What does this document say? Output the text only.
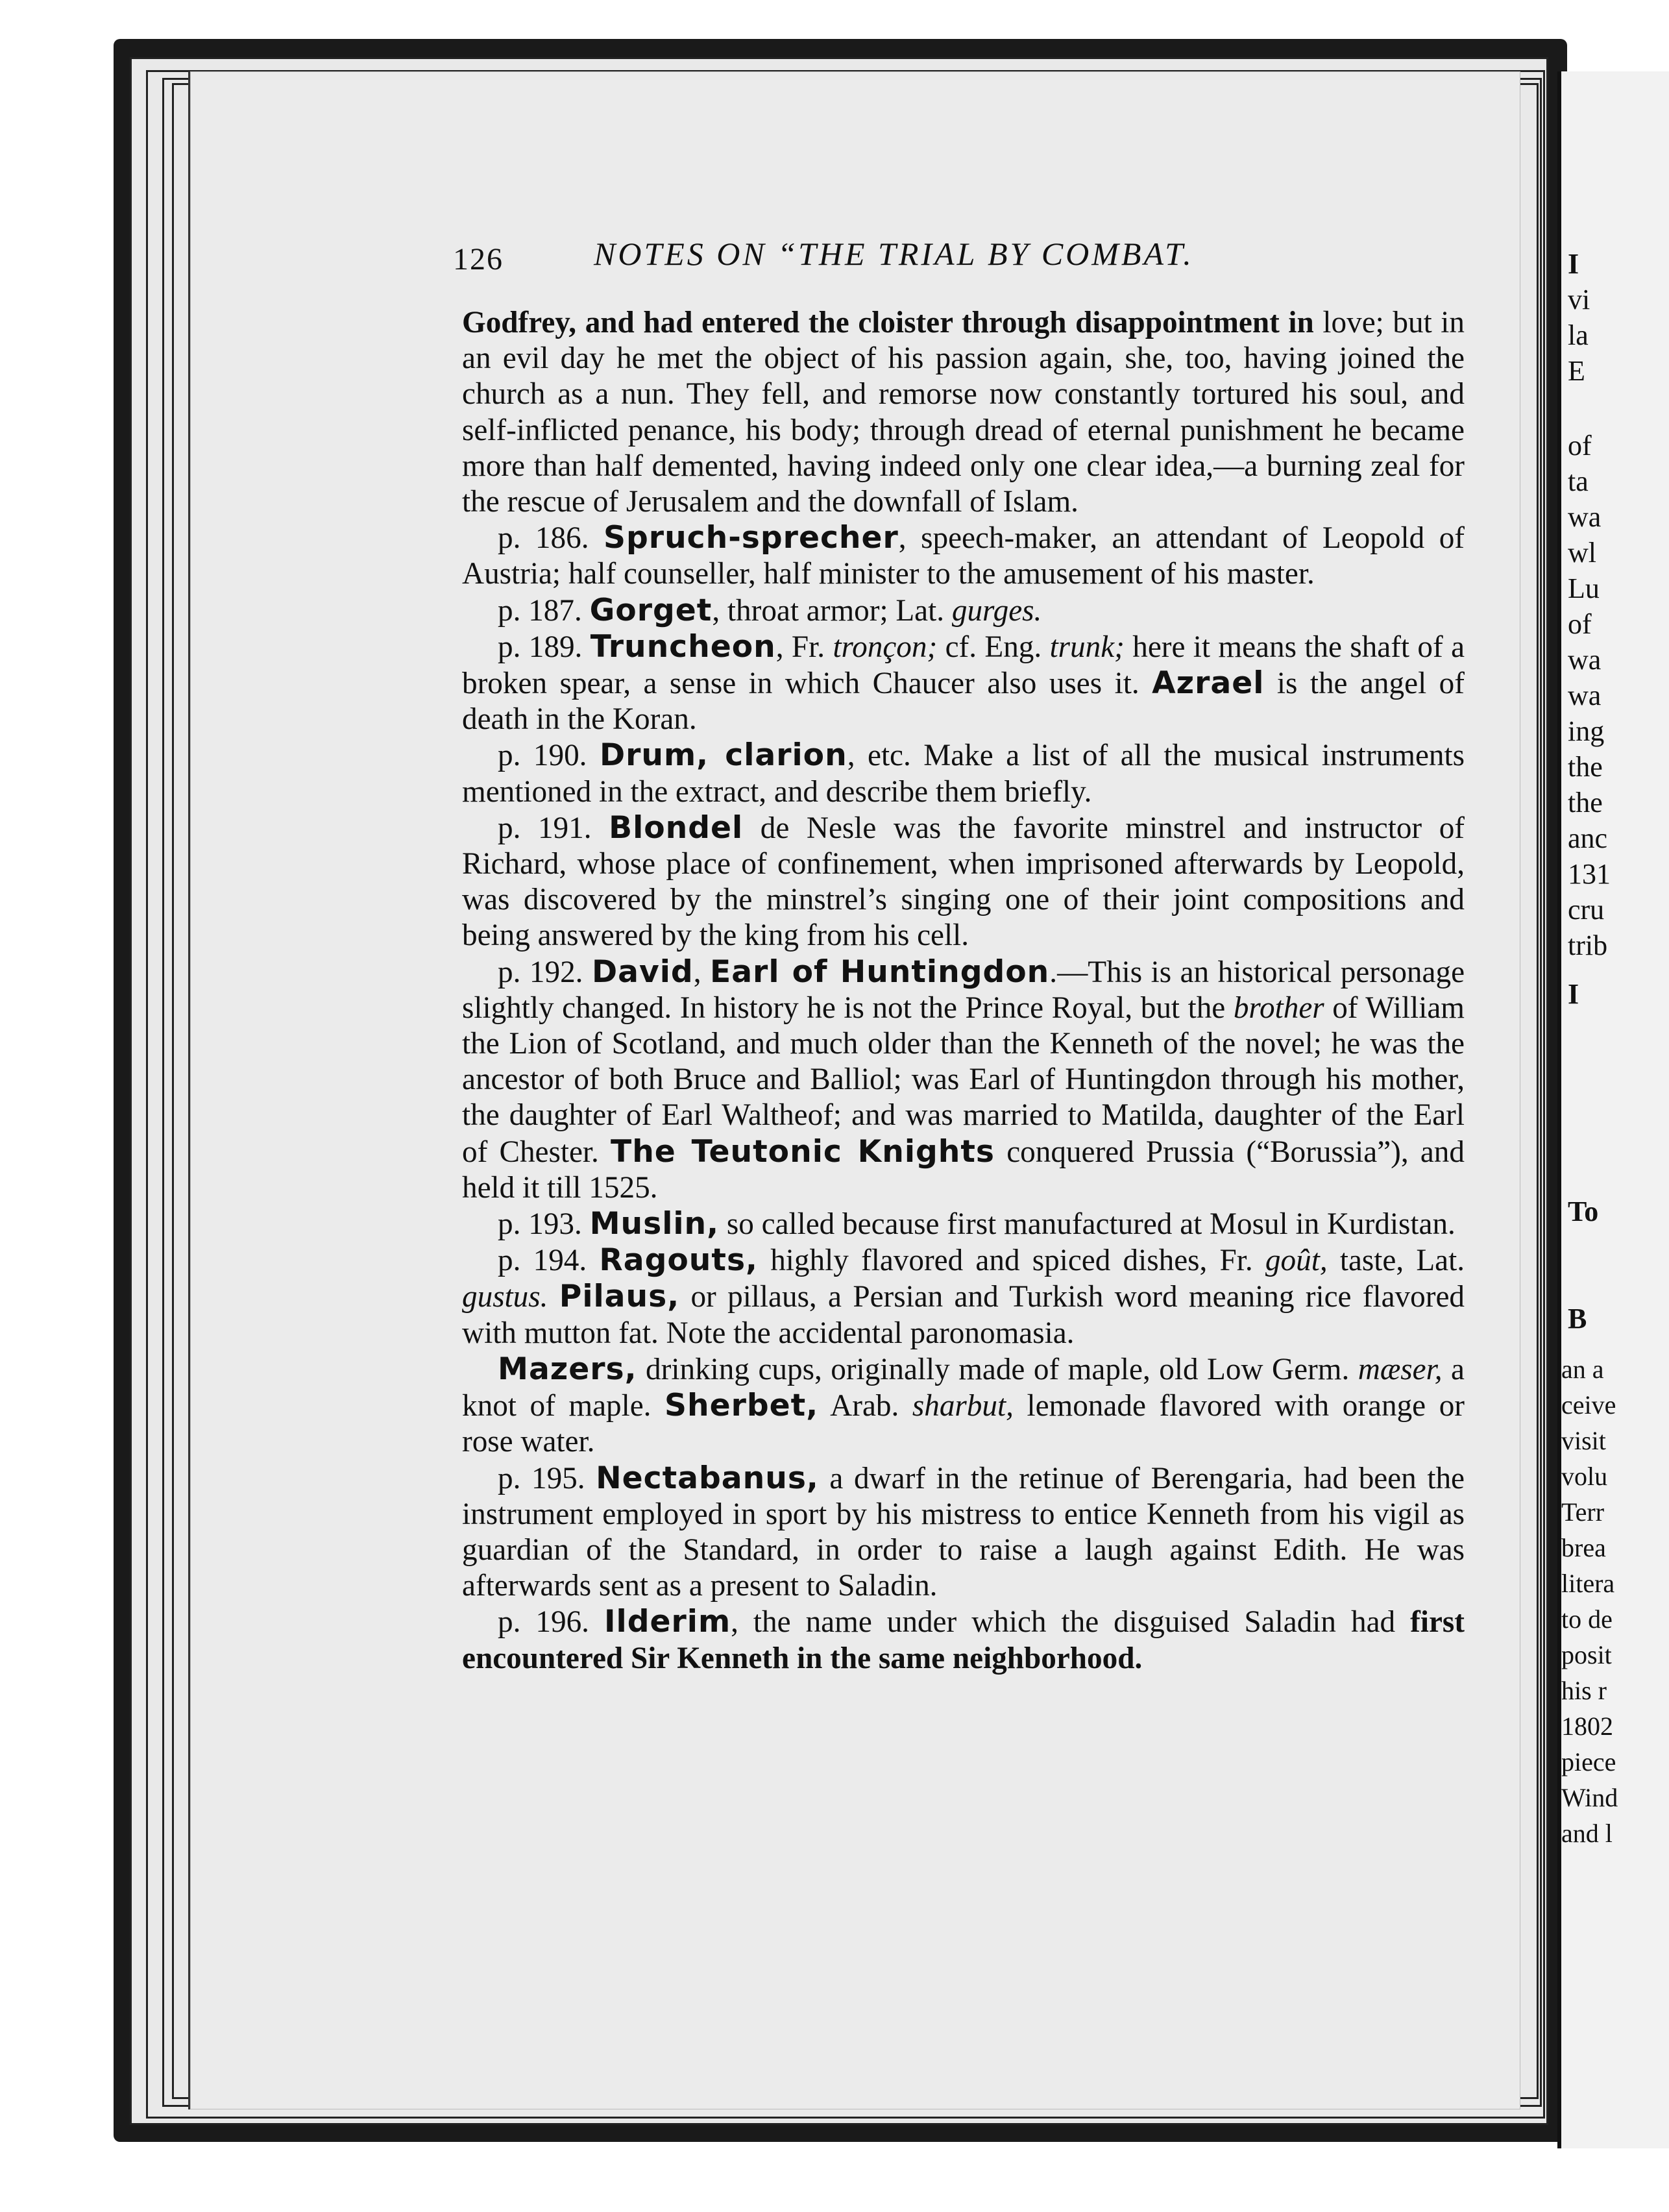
I
vi
la
E
of
ta
wa
wl
Lu
of
wa
wa
ing
the
the
anc
131
cru
trib
I
To
B
an a
ceive
visit
volu
Terr
brea
litera
to de
posit
his r
1802
piece
Wind
and l
126	NOTES ON “THE TRIAL BY COMBAT.

Godfrey, and had entered the cloister through disappointment in love; but in an evil day he met the object of his passion again, she, too, having joined the church as a nun. They fell, and remorse now constantly tortured his soul, and self-inflicted penance, his body; through dread of eternal punishment he became more than half demented, having indeed only one clear idea,—a burning zeal for the rescue of Jerusalem and the downfall of Islam.

p. 186. Spruch-sprecher, speech-maker, an attendant of Leopold of Austria; half counseller, half minister to the amusement of his master.

p. 187. Gorget, throat armor; Lat. gurges.

p. 189. Truncheon, Fr. tronçon; cf. Eng. trunk; here it means the shaft of a broken spear, a sense in which Chaucer also uses it. Azrael is the angel of death in the Koran.

p. 190. Drum, clarion, etc. Make a list of all the musical instruments mentioned in the extract, and describe them briefly.

p. 191. Blondel de Nesle was the favorite minstrel and instructor of Richard, whose place of confinement, when imprisoned afterwards by Leopold, was discovered by the minstrel’s singing one of their joint compositions and being answered by the king from his cell.

p. 192. David, Earl of Huntingdon.—This is an historical personage slightly changed. In history he is not the Prince Royal, but the brother of William the Lion of Scotland, and much older than the Kenneth of the novel; he was the ancestor of both Bruce and Balliol; was Earl of Huntingdon through his mother, the daughter of Earl Waltheof; and was married to Matilda, daughter of the Earl of Chester. The Teutonic Knights conquered Prussia (“Borussia”), and held it till 1525.

p. 193. Muslin, so called because first manufactured at Mosul in Kurdistan.

p. 194. Ragouts, highly flavored and spiced dishes, Fr. goût, taste, Lat. gustus. Pilaus, or pillaus, a Persian and Turkish word meaning rice flavored with mutton fat. Note the accidental paronomasia.

Mazers, drinking cups, originally made of maple, old Low Germ. mæser, a knot of maple. Sherbet, Arab. sharbut, lemonade flavored with orange or rose water.

p. 195. Nectabanus, a dwarf in the retinue of Berengaria, had been the instrument employed in sport by his mistress to entice Kenneth from his vigil as guardian of the Standard, in order to raise a laugh against Edith. He was afterwards sent as a present to Saladin.

p. 196. Ilderim, the name under which the disguised Saladin had first encountered Sir Kenneth in the same neighborhood.
